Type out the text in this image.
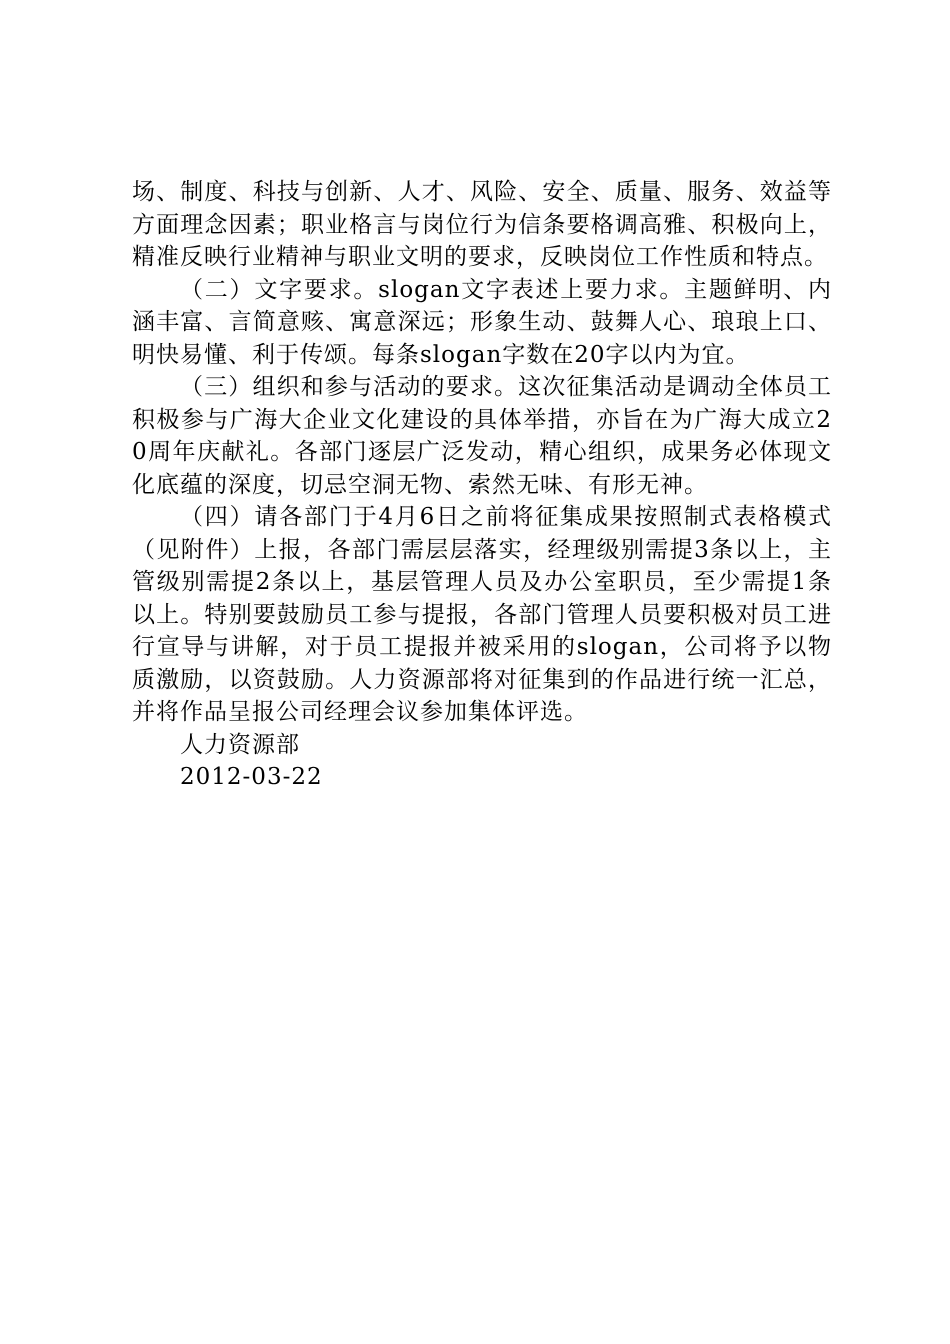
场、制度、科技与创新、人才、风险、安全、质量、服务、效益等方面理念因素；职业格言与岗位行为信条要格调高雅、积极向上，精准反映行业精神与职业文明的要求，反映岗位工作性质和特点。

（二）文字要求。slogan文字表述上要力求。主题鲜明、内涵丰富、言简意赅、寓意深远；形象生动、鼓舞人心、琅琅上口、明快易懂、利于传颂。每条slogan字数在20字以内为宜。

（三）组织和参与活动的要求。这次征集活动是调动全体员工积极参与广海大企业文化建设的具体举措，亦旨在为广海大成立20周年庆献礼。各部门逐层广泛发动，精心组织，成果务必体现文化底蕴的深度，切忌空洞无物、索然无味、有形无神。

（四）请各部门于4月6日之前将征集成果按照制式表格模式（见附件）上报，各部门需层层落实，经理级别需提3条以上，主管级别需提2条以上，基层管理人员及办公室职员，至少需提1条以上。特别要鼓励员工参与提报，各部门管理人员要积极对员工进行宣导与讲解，对于员工提报并被采用的slogan，公司将予以物质激励，以资鼓励。人力资源部将对征集到的作品进行统一汇总，并将作品呈报公司经理会议参加集体评选。

人力资源部

2012-03-22
